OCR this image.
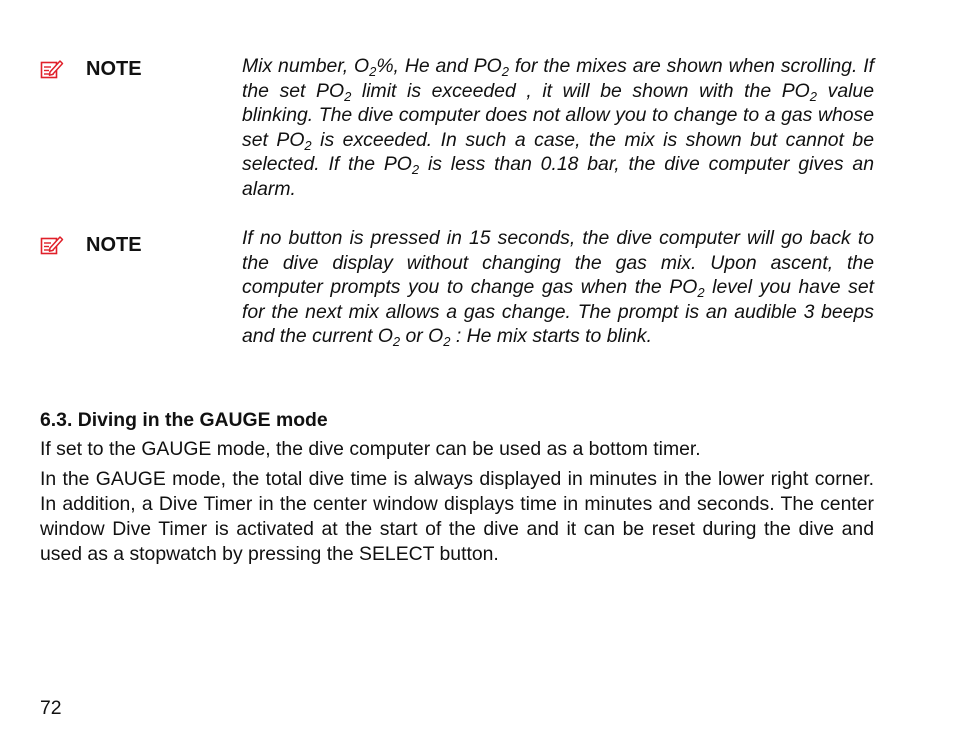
NOTE	Mix number, $O_2\%$, He and $PO_2$ for the mixes are shown when scrolling. If the set $PO_2$ limit is exceeded , it will be shown with the $PO_2$ value blinking. The dive computer does not allow you to change to a gas whose set $PO_2$ is exceeded. In such a case, the mix is shown but cannot be selected. If the $PO_2$ is less than 0.18 bar, the dive computer gives an alarm.

NOTE	If no button is pressed in 15 seconds, the dive computer will go back to the dive display without changing the gas mix. Upon ascent, the computer prompts you to change gas when the $PO_2$ level you have set for the next mix allows a gas change. The prompt is an audible 3 beeps and the current $O_2$ or $O_2$ : He mix starts to blink.

6.3. Diving in the GAUGE mode

If set to the GAUGE mode, the dive computer can be used as a bottom timer.

In the GAUGE mode, the total dive time is always displayed in minutes in the lower right corner. In addition, a Dive Timer in the center window displays time in minutes and seconds. The center window Dive Timer is activated at the start of the dive and it can be reset during the dive and used as a stopwatch by pressing the SELECT button.

72
